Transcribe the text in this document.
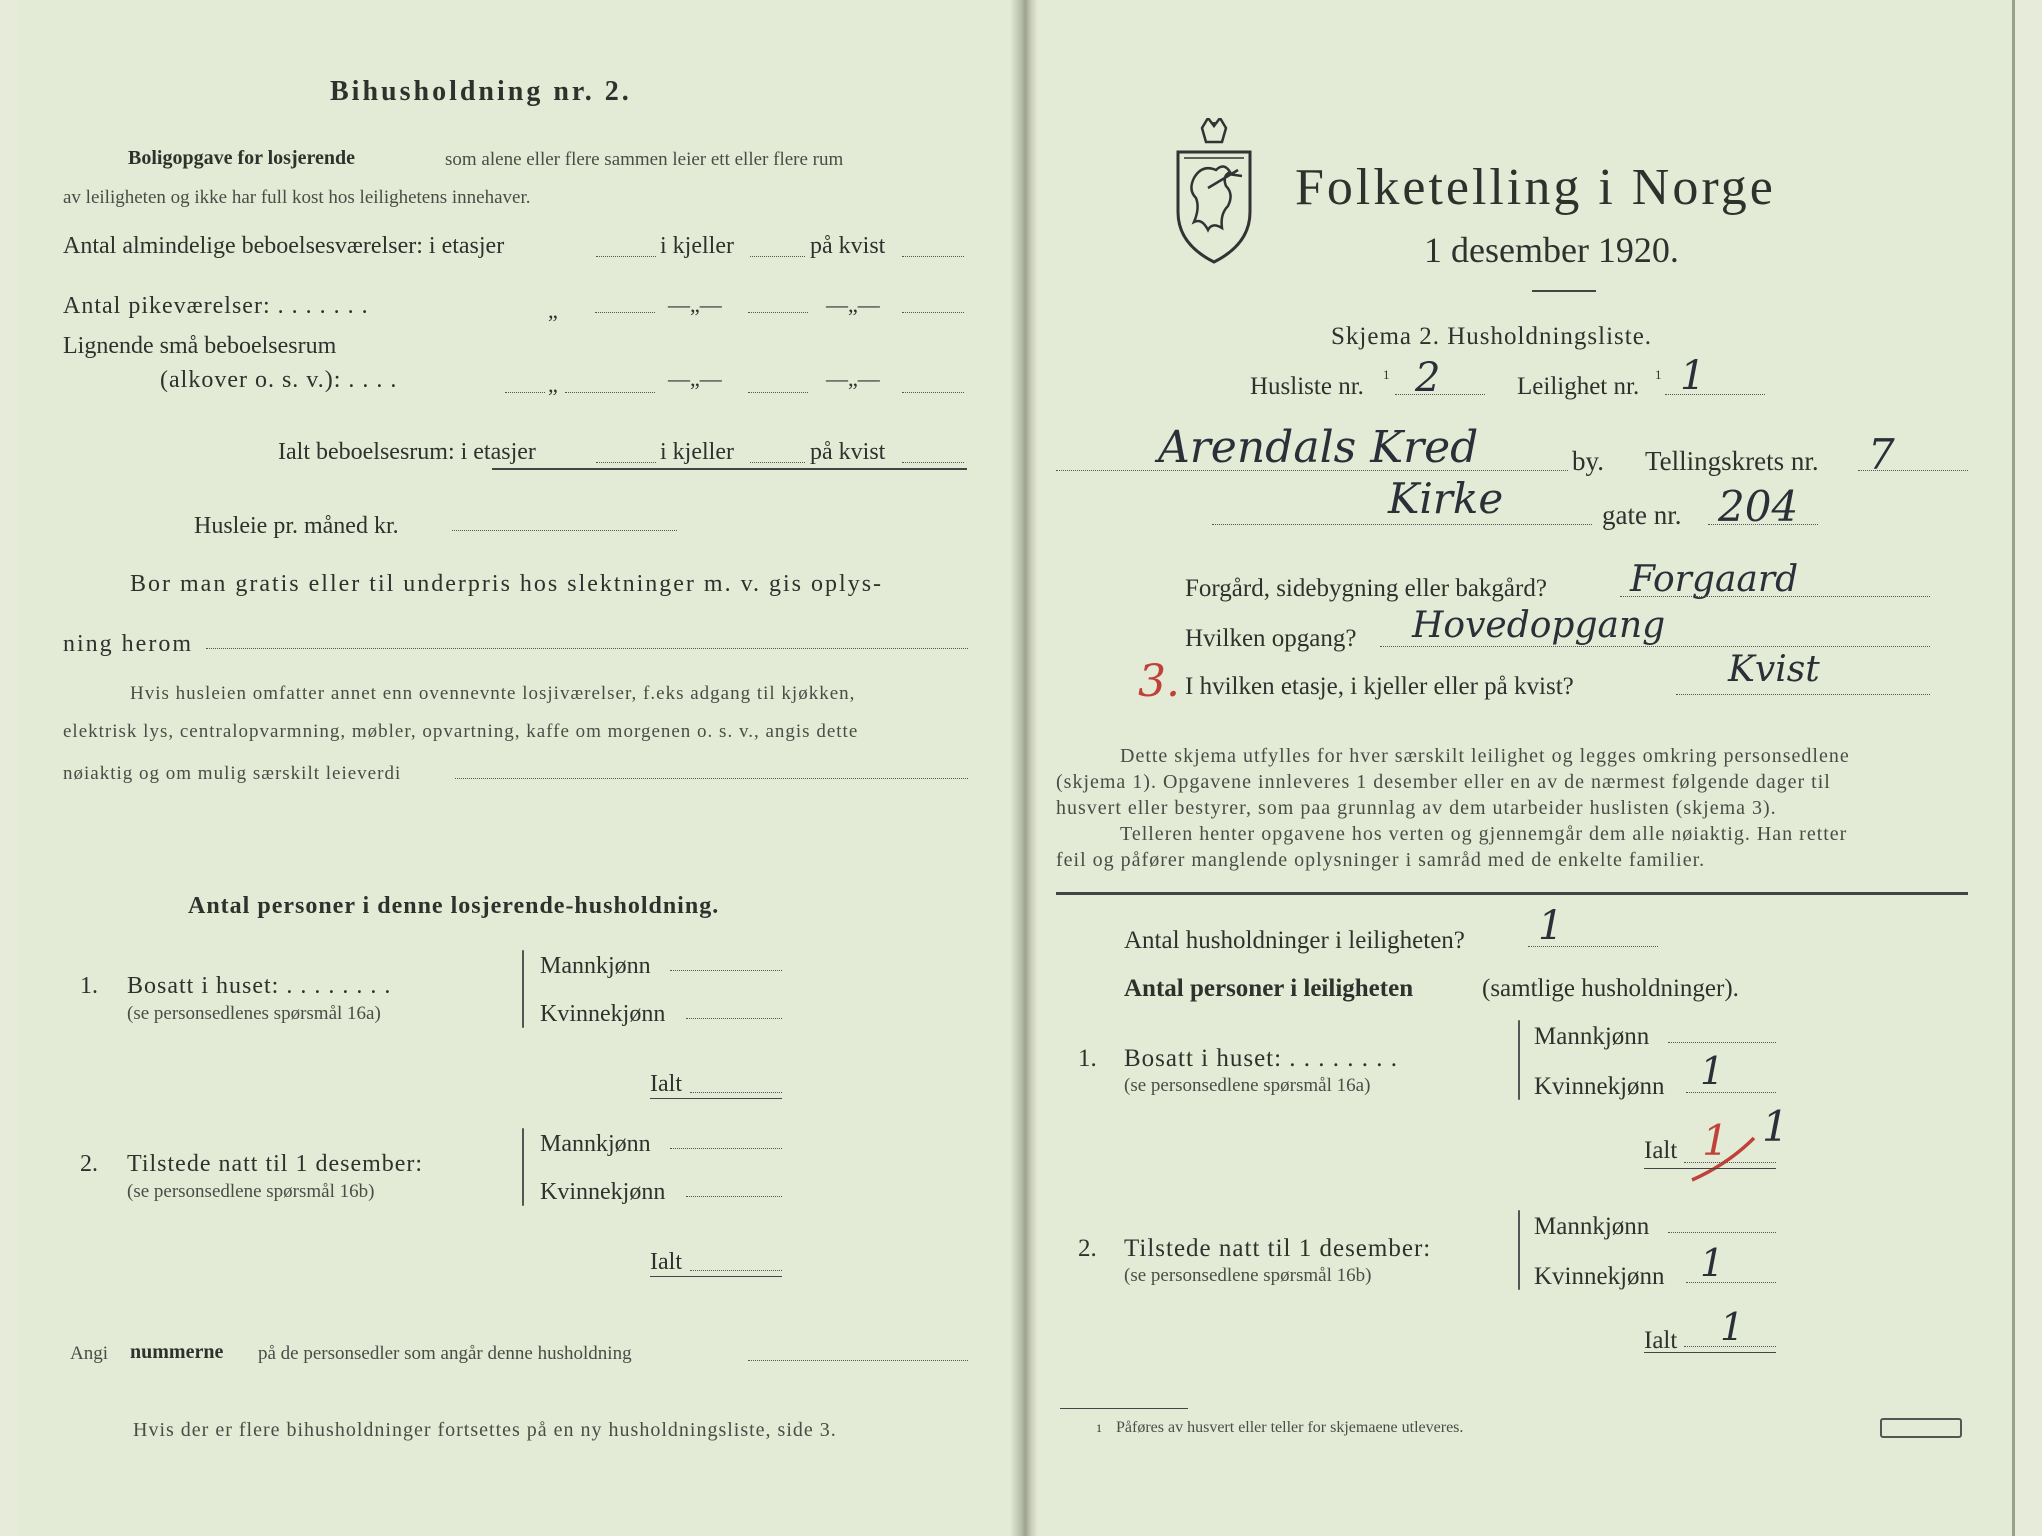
Bihusholdning nr. 2.
Boligopgave for losjerende	som alene eller flere sammen leier ett eller flere rum
av leiligheten og ikke har full kost hos leilighetens innehaver.
Antal almindelige beboelsesværelser: i etasjer	i kjeller	på kvist
Antal pikeværelser: . . . . . . .	„	—„—	—„—
Lignende små beboelsesrum
(alkover o. s. v.): . . . .	„	—„—	—„—
Ialt beboelsesrum: i etasjer	i kjeller	på kvist
Husleie pr. måned kr.
Bor man gratis eller til underpris hos slektninger m. v. gis oplys-
ning herom
Hvis husleien omfatter annet enn ovennevnte losjiværelser, f.eks adgang til kjøkken,
elektrisk lys, centralopvarmning, møbler, opvartning, kaffe om morgenen o. s. v., angis dette
nøiaktig og om mulig særskilt leieverdi
Antal personer i denne losjerende-husholdning.
1. Bosatt i huset: . . . . . . . .
(se personsedlenes spørsmål 16a)
Mannkjønn
Kvinnekjønn
Ialt
2. Tilstede natt til 1 desember:
(se personsedlene spørsmål 16b)
Mannkjønn
Kvinnekjønn
Ialt
Angi nummerne på de personsedler som angår denne husholdning
Hvis der er flere bihusholdninger fortsettes på en ny husholdningsliste, side 3.
Folketelling i Norge
1 desember 1920.
Skjema 2. Husholdningsliste.
Husliste nr. 1 2	Leilighet nr. 1 1
Arendals Kred	by. Tellingskrets nr. 7
Kirke	gate nr. 204
Forgård, sidebygning eller bakgård? Forgaard
Hvilken opgang? Hovedopgang
3. I hvilken etasje, i kjeller eller på kvist?	Kvist
Dette skjema utfylles for hver særskilt leilighet og legges omkring personsedlene
(skjema 1). Opgavene innleveres 1 desember eller en av de nærmest følgende dager til
husvert eller bestyrer, som paa grunnlag av dem utarbeider huslisten (skjema 3).
Telleren henter opgavene hos verten og gjennemgår dem alle nøiaktig. Han retter
feil og påfører manglende oplysninger i samråd med de enkelte familier.
Antal husholdninger i leiligheten? 1
Antal personer i leiligheten	(samtlige husholdninger).
1. Bosatt i huset: . . . . . . . .
(se personsedlene spørsmål 16a)
Mannkjønn
Kvinnekjønn 1
Ialt 1 1
2. Tilstede natt til 1 desember:
(se personsedlene spørsmål 16b)
Mannkjønn
Kvinnekjønn 1
Ialt 1
1 Påføres av husvert eller teller for skjemaene utleveres.
